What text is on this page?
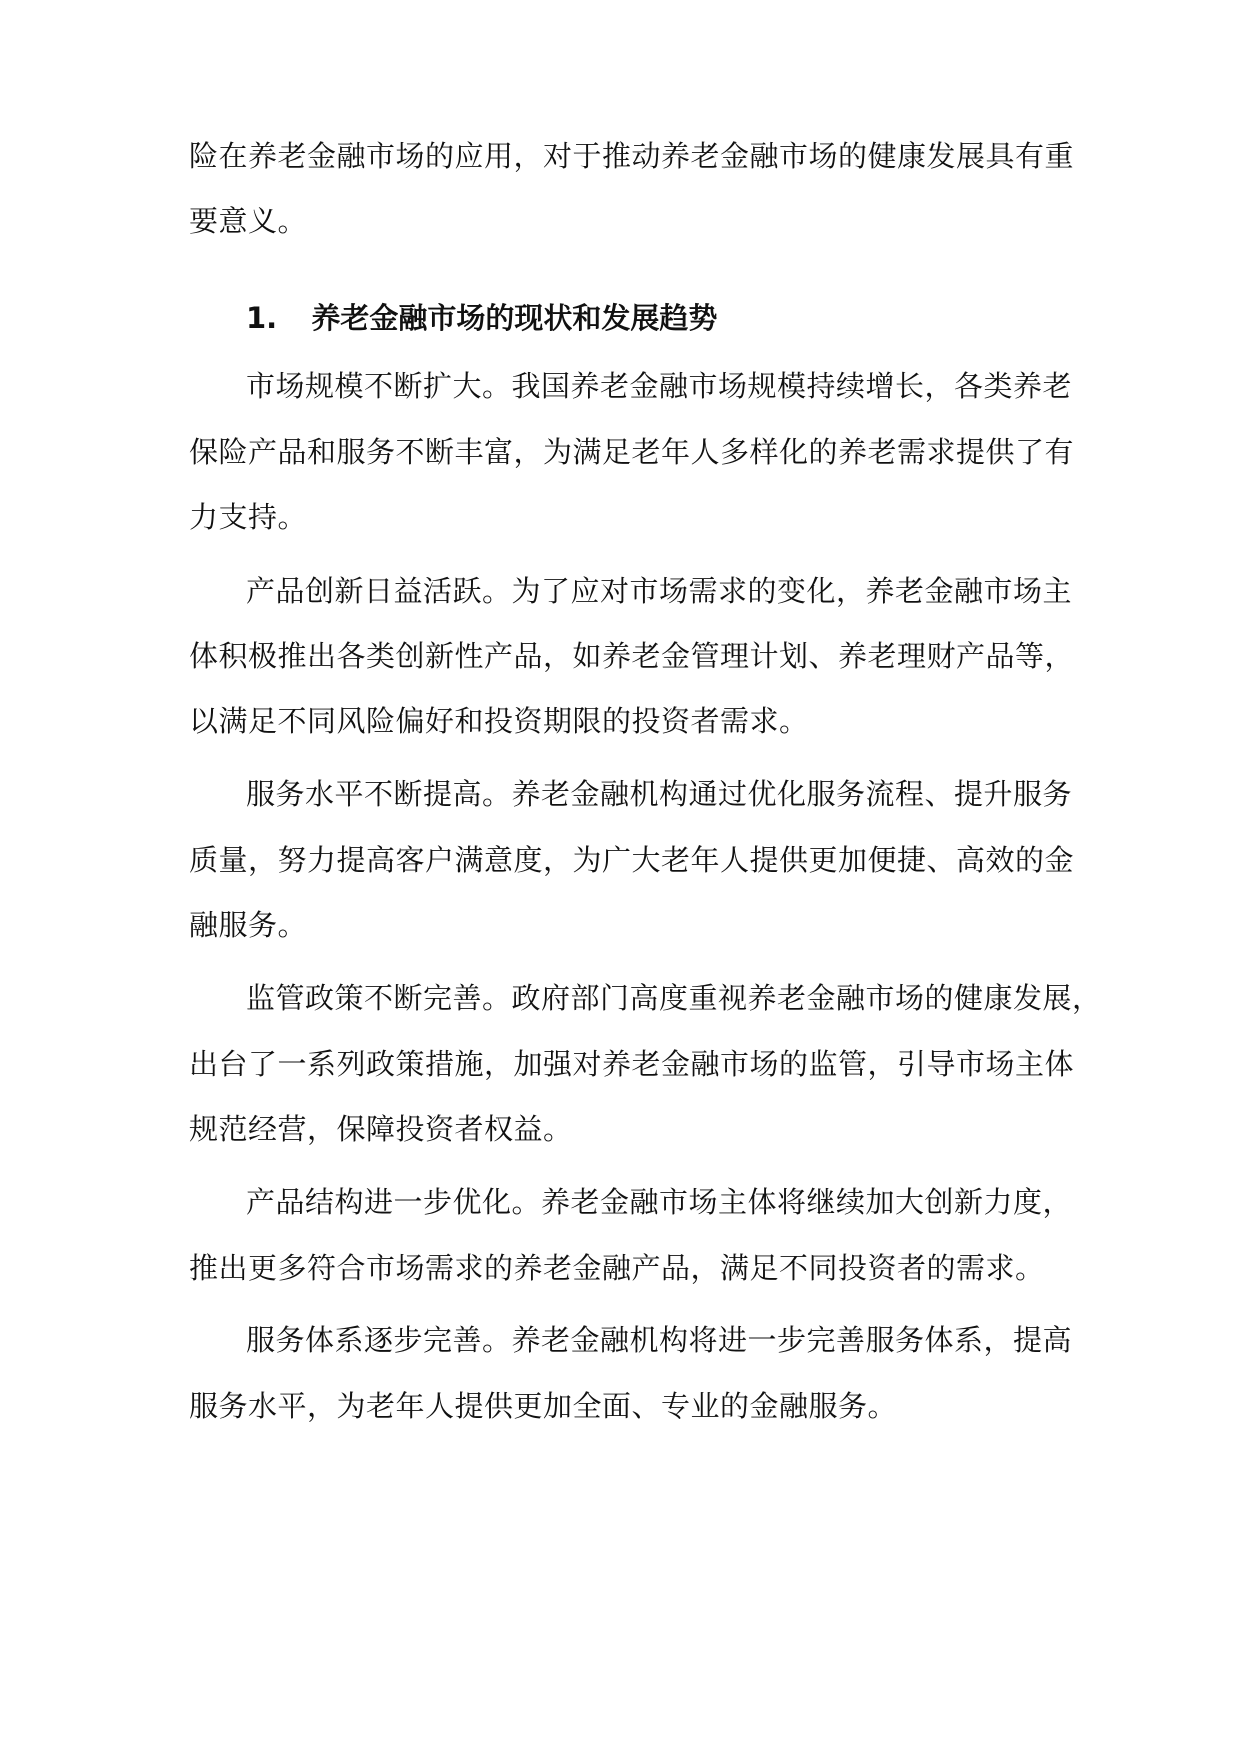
险在养老金融市场的应用，对于推动养老金融市场的健康发展具有重
要意义。
1. 养老金融市场的现状和发展趋势
市场规模不断扩大。我国养老金融市场规模持续增长，各类养老
保险产品和服务不断丰富，为满足老年人多样化的养老需求提供了有
力支持。
产品创新日益活跃。为了应对市场需求的变化，养老金融市场主
体积极推出各类创新性产品，如养老金管理计划、养老理财产品等，
以满足不同风险偏好和投资期限的投资者需求。
服务水平不断提高。养老金融机构通过优化服务流程、提升服务
质量，努力提高客户满意度，为广大老年人提供更加便捷、高效的金
融服务。
监管政策不断完善。政府部门高度重视养老金融市场的健康发展，
出台了一系列政策措施，加强对养老金融市场的监管，引导市场主体
规范经营，保障投资者权益。
产品结构进一步优化。养老金融市场主体将继续加大创新力度，
推出更多符合市场需求的养老金融产品，满足不同投资者的需求。
服务体系逐步完善。养老金融机构将进一步完善服务体系，提高
服务水平，为老年人提供更加全面、专业的金融服务。
